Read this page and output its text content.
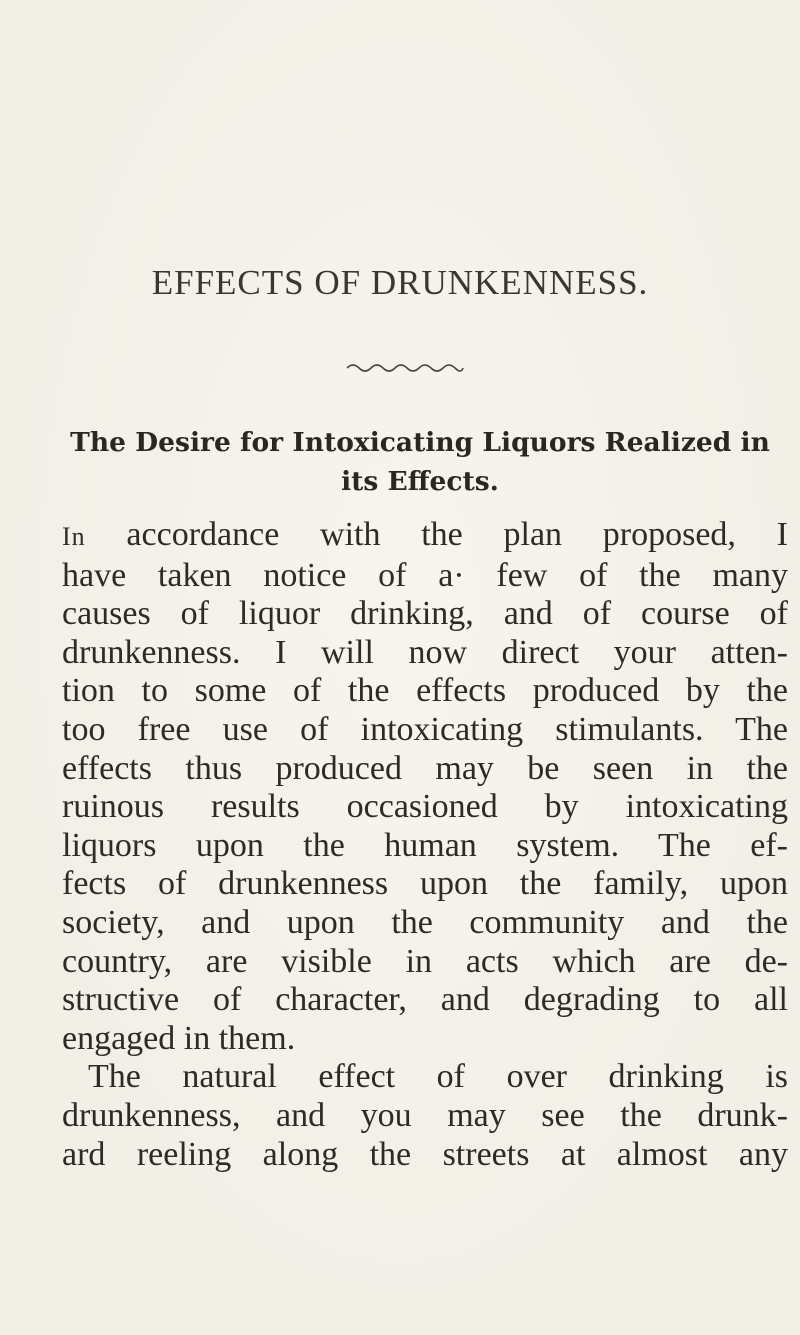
EFFECTS OF DRUNKENNESS.
The Desire for Intoxicating Liquors Realized in
its Effects.
In accordance with the plan proposed, I
have taken notice of a· few of the many
causes of liquor drinking, and of course of
drunkenness. I will now direct your atten-
tion to some of the effects produced by the
too free use of intoxicating stimulants. The
effects thus produced may be seen in the
ruinous results occasioned by intoxicating
liquors upon the human system. The ef-
fects of drunkenness upon the family, upon
society, and upon the community and the
country, are visible in acts which are de-
structive of character, and degrading to all
engaged in them.
The natural effect of over drinking is
drunkenness, and you may see the drunk-
ard reeling along the streets at almost any
